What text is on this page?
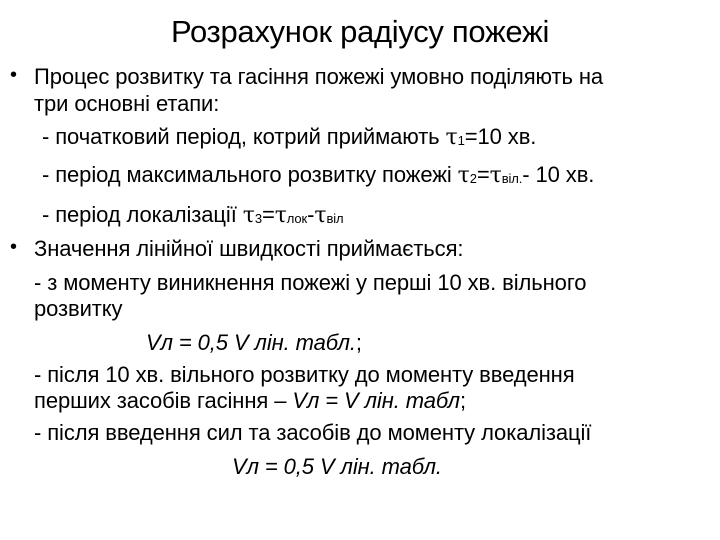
Розрахунок радіусу пожежі
• Процес розвитку та гасіння пожежі умовно поділяють на
три основні етапи:
- початковий період, котрий приймають τ1=10 хв.
- період максимального розвитку пожежі τ2=τвіл.- 10 хв.
- період локалізації τ3=τлок-τвіл
• Значення лінійної швидкості приймається:
- з моменту виникнення пожежі у перші 10 хв. вільного
розвитку
Vл = 0,5 V лін. табл.;
- після 10 хв. вільного розвитку до моменту введення
перших засобів гасіння – Vл = V лін. табл;
- після введення сил та засобів до моменту локалізації
Vл = 0,5 V лін. табл.
